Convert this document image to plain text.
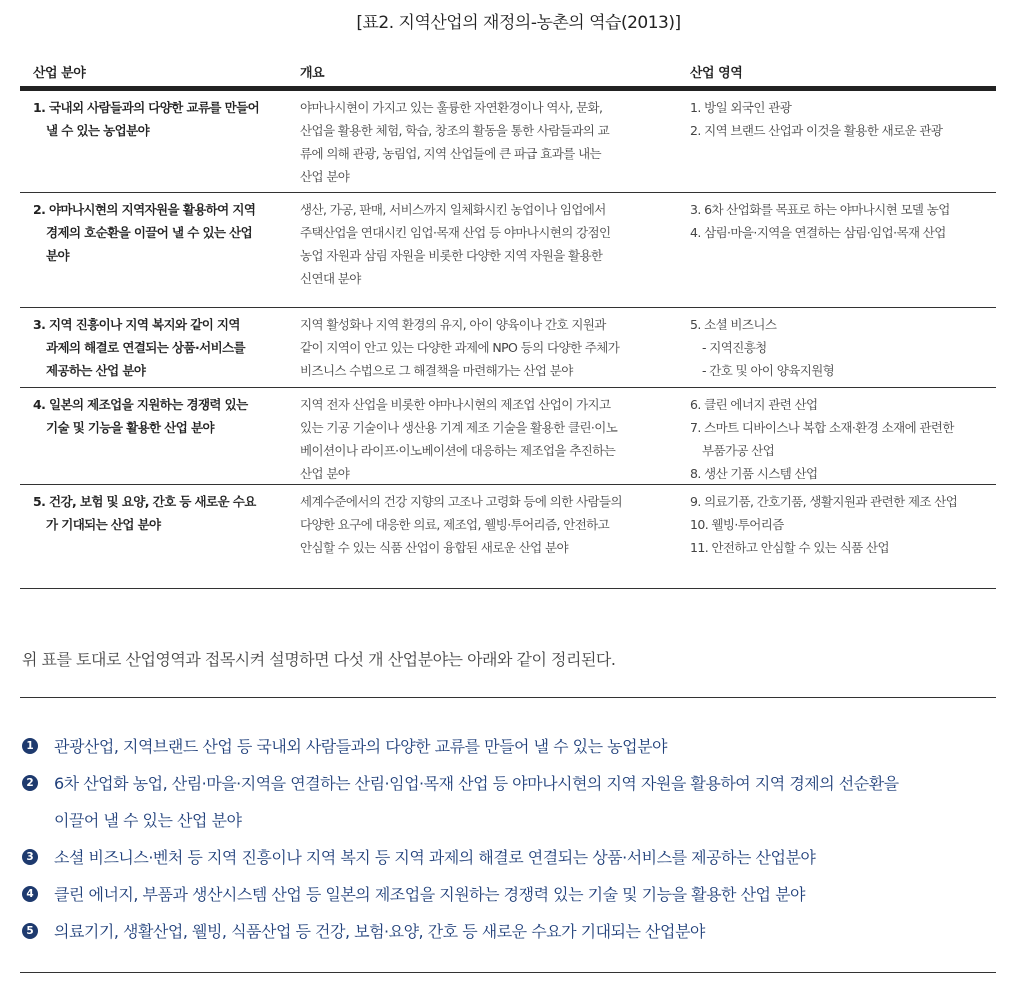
[표2. 지역산업의 재정의-농촌의 역습(2013)]
산업 분야	개요	산업 영역
1. 국내외 사람들과의 다양한 교류를 만들어
낼 수 있는 농업분야
야마나시현이 가지고 있는 훌륭한 자연환경이나 역사, 문화,
산업을 활용한 체험, 학습, 창조의 활동을 통한 사람들과의 교
류에 의해 관광, 농림업, 지역 산업들에 큰 파급 효과를 내는
산업 분야
1. 방일 외국인 관광
2. 지역 브랜드 산업과 이것을 활용한 새로운 관광
2. 야마나시현의 지역자원을 활용하여 지역
경제의 호순환을 이끌어 낼 수 있는 산업
분야
생산, 가공, 판매, 서비스까지 일체화시킨 농업이나 임업에서
주택산업을 연대시킨 임업·목재 산업 등 야마나시현의 강점인
농업 자원과 삼림 자원을 비롯한 다양한 지역 자원을 활용한
신연대 분야
3. 6차 산업화를 목표로 하는 야마나시현 모델 농업
4. 삼림·마을·지역을 연결하는 삼림·임업·목재 산업
3. 지역 진흥이나 지역 복지와 같이 지역
과제의 해결로 연결되는 상품·서비스를
제공하는 산업 분야
지역 활성화나 지역 환경의 유지, 아이 양육이나 간호 지원과
같이 지역이 안고 있는 다양한 과제에 NPO 등의 다양한 주체가
비즈니스 수법으로 그 해결책을 마련해가는 산업 분야
5. 소셜 비즈니스
- 지역진흥청
- 간호 및 아이 양육지원형
4. 일본의 제조업을 지원하는 경쟁력 있는
기술 및 기능을 활용한 산업 분야
지역 전자 산업을 비롯한 야마나시현의 제조업 산업이 가지고
있는 기공 기술이나 생산용 기계 제조 기술을 활용한 클린·이노
베이션이나 라이프·이노베이션에 대응하는 제조업을 추진하는
산업 분야
6. 클린 에너지 관련 산업
7. 스마트 디바이스나 복합 소재·환경 소재에 관련한
부품가공 산업
8. 생산 기품 시스템 산업
5. 건강, 보험 및 요양, 간호 등 새로운 수요
가 기대되는 산업 분야
세계수준에서의 건강 지향의 고조나 고령화 등에 의한 사람들의
다양한 요구에 대응한 의료, 제조업, 웰빙·투어리즘, 안전하고
안심할 수 있는 식품 산업이 융합된 새로운 산업 분야
9. 의료기품, 간호기품, 생활지원과 관련한 제조 산업
10. 웰빙·투어리즘
11. 안전하고 안심할 수 있는 식품 산업
위 표를 토대로 산업영역과 접목시켜 설명하면 다섯 개 산업분야는 아래와 같이 정리된다.
1 관광산업, 지역브랜드 산업 등 국내외 사람들과의 다양한 교류를 만들어 낼 수 있는 농업분야
2 6차 산업화 농업, 산림·마을·지역을 연결하는 산림·임업·목재 산업 등 야마나시현의 지역 자원을 활용하여 지역 경제의 선순환을
이끌어 낼 수 있는 산업 분야
3 소셜 비즈니스·벤처 등 지역 진흥이나 지역 복지 등 지역 과제의 해결로 연결되는 상품·서비스를 제공하는 산업분야
4 클린 에너지, 부품과 생산시스템 산업 등 일본의 제조업을 지원하는 경쟁력 있는 기술 및 기능을 활용한 산업 분야
5 의료기기, 생활산업, 웰빙, 식품산업 등 건강, 보험·요양, 간호 등 새로운 수요가 기대되는 산업분야
